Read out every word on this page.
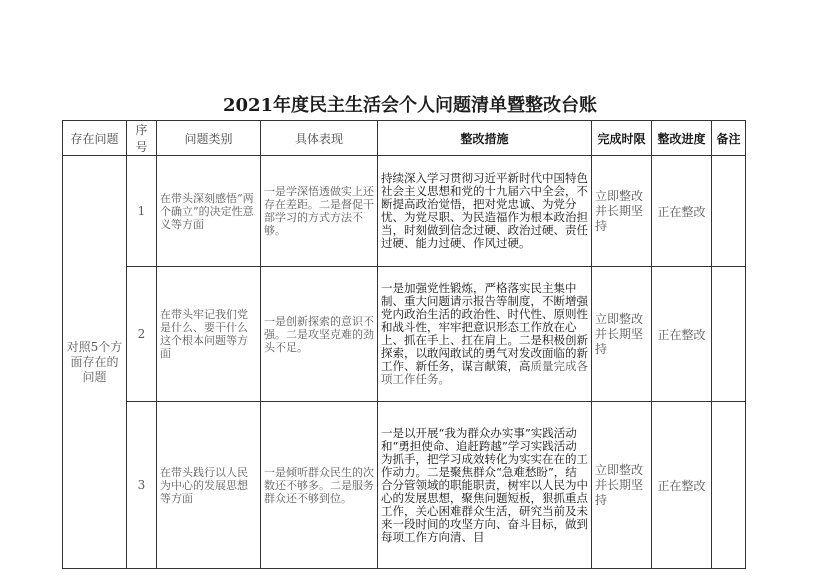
2021年度民主生活会个人问题清单暨整改台账
存在问题	序号	问题类别	具体表现	整改措施	完成时限	整改进度	备注
对照5个方面存在的问题	1	在带头深刻感悟“两个确立”的决定性意义等方面	一是学深悟透做实上还存在差距。二是督促干部学习的方式方法不够。	持续深入学习贯彻习近平新时代中国特色社会主义思想和党的十九届六中全会，不断提高政治觉悟，把对党忠诚、为党分忧、为党尽职、为民造福作为根本政治担当，时刻做到信念过硬、政治过硬、责任过硬、能力过硬、作风过硬。	立即整改并长期坚持	正在整改	
	2	在带头牢记我们党是什么、要干什么这个根本问题等方面	一是创新探索的意识不强。二是攻坚克难的劲头不足。	一是加强党性锻炼，严格落实民主集中制、重大问题请示报告等制度，不断增强党内政治生活的政治性、时代性、原则性和战斗性，牢牢把意识形态工作放在心上、抓在手上、扛在肩上。二是积极创新探索，以敢闯敢试的勇气对发改面临的新工作、新任务，谋言献策，高质量完成各项工作任务。	立即整改并长期坚持	正在整改	
	3	在带头践行以人民为中心的发展思想等方面	一是倾听群众民生的次数还不够多。二是服务群众还不够到位。	一是以开展“我为群众办实事”实践活动和“勇担使命、追赶跨越”学习实践活动为抓手，把学习成效转化为实实在在的工作动力。二是聚焦群众“急难愁盼”，结合分管领域的职能职责，树牢以人民为中心的发展思想，聚焦问题短板，狠抓重点工作，关心困难群众生活，研究当前及未来一段时间的攻坚方向、奋斗目标，做到每项工作方向清、目	立即整改并长期坚持	正在整改	
